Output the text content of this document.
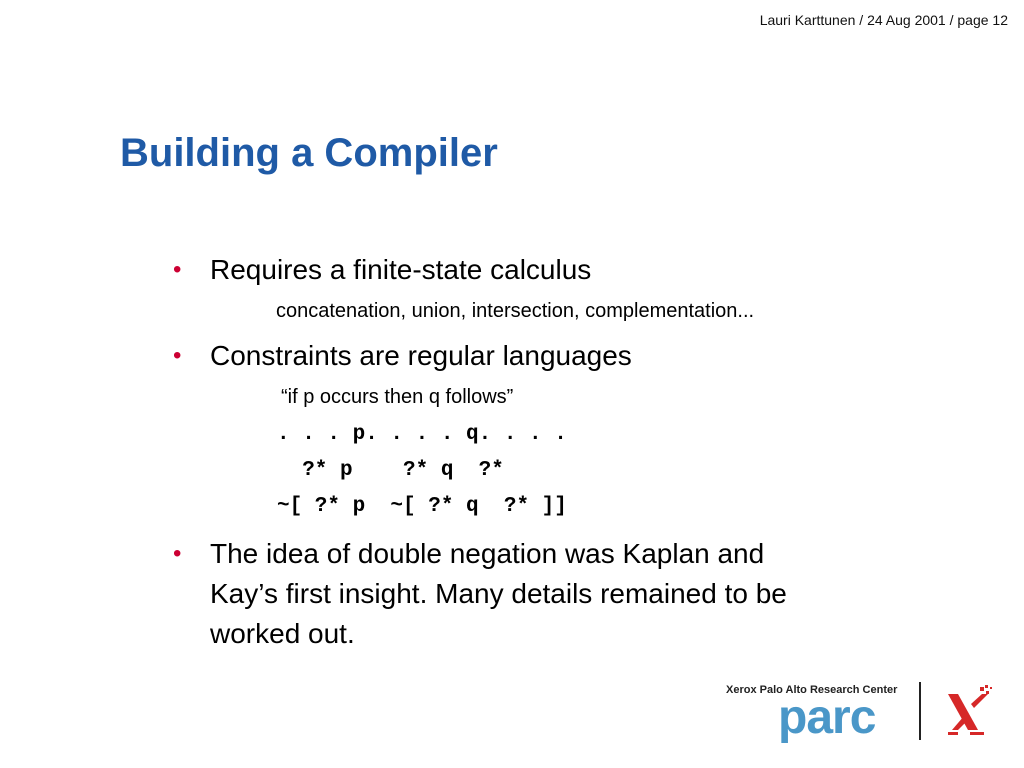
Lauri Karttunen / 24 Aug 2001 / page 12
Building a Compiler
• Requires a finite-state calculus
concatenation, union, intersection, complementation...
• Constraints are regular languages
“if p occurs then q follows”
. . . p. . . . q. . . .
?* p    ?* q  ?*
~[ ?* p  ~[ ?* q  ?* ]]
• The idea of double negation was Kaplan and
Kay’s first insight. Many details remained to be
worked out.
Xerox Palo Alto Research Center
parc
